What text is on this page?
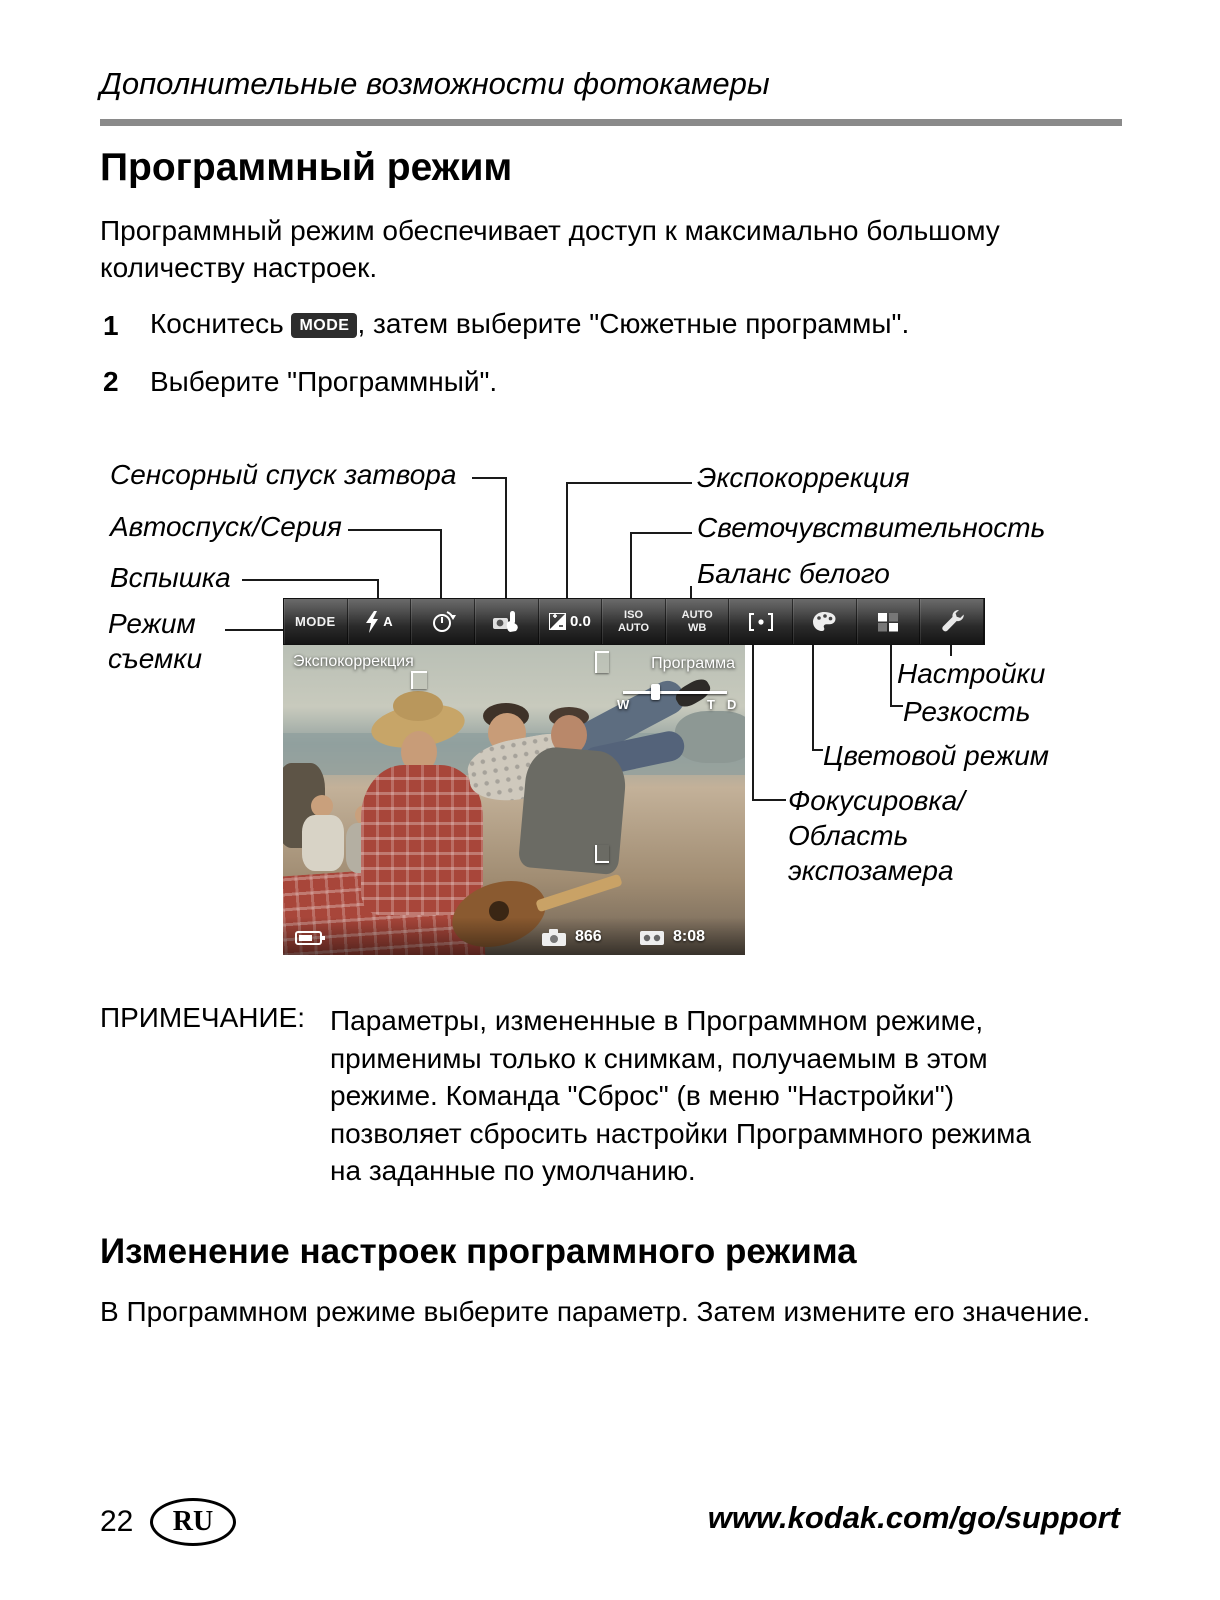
Дополнительные возможности фотокамеры
Программный режим
Программный режим обеспечивает доступ к максимально большому количеству настроек.
1 Коснитесь MODE , затем выберите "Сюжетные программы".
2 Выберите "Программный".
Сенсорный спуск затвора
Автоспуск/Серия
Вспышка
Режим съемки
Экспокоррекция
Светочувствительность
Баланс белого
Настройки
Резкость
Цветовой режим
Фокусировка/Область экспозамера
MODE	A	0.0	ISO
AUTO
AUTO
WB
Экспокоррекция	Программа
W	T D
866	8:08
ПРИМЕЧАНИЕ: Параметры, измененные в Программном режиме, применимы только к снимкам, получаемым в этом режиме. Команда "Сброс" (в меню "Настройки") позволяет сбросить настройки Программного режима на заданные по умолчанию.
Изменение настроек программного режима
В Программном режиме выберите параметр. Затем измените его значение.
22	RU	www.kodak.com/go/support
